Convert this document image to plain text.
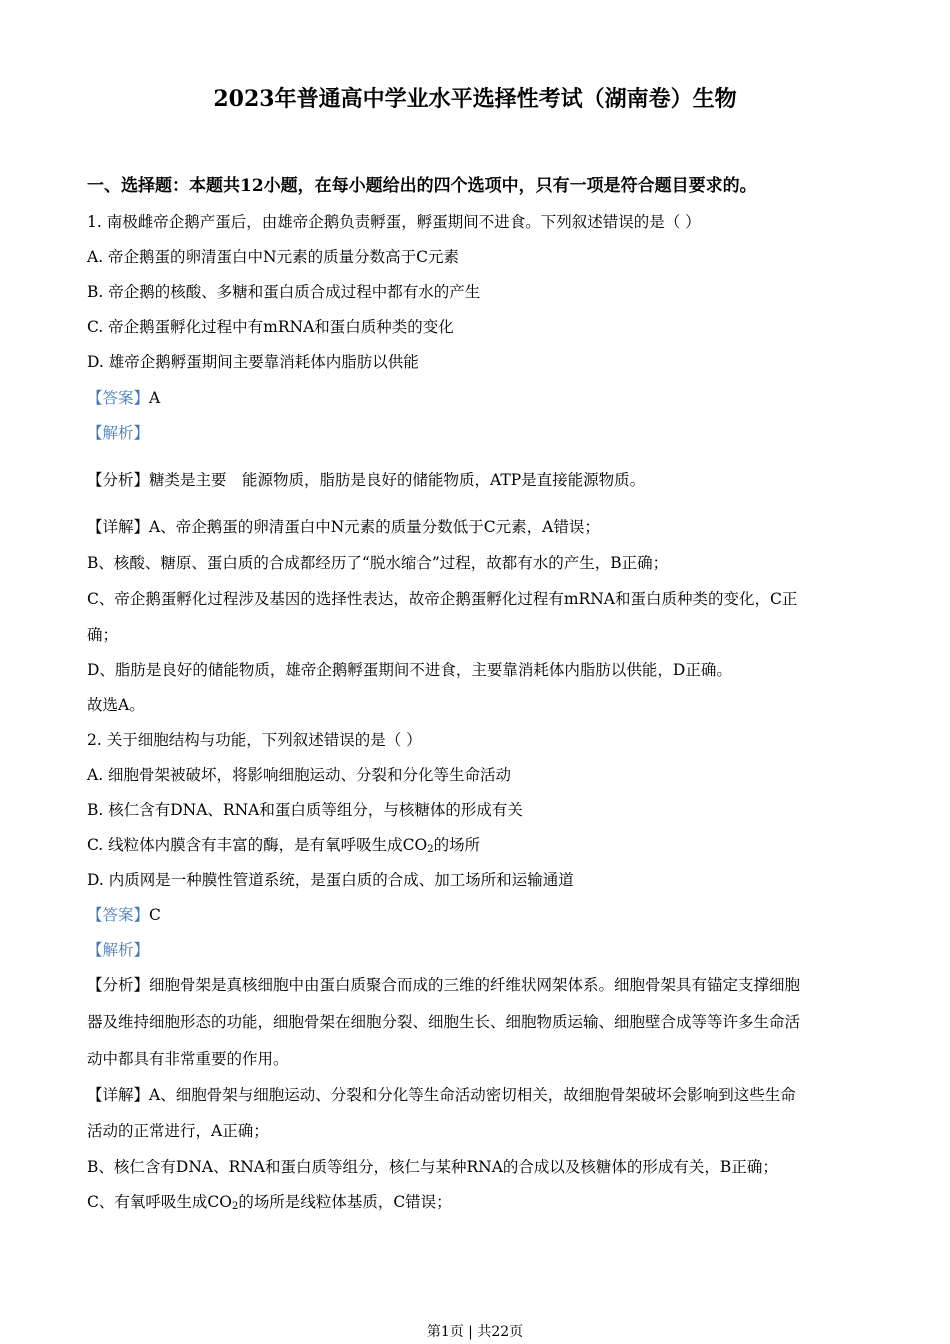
2023年普通高中学业水平选择性考试（湖南卷）生物
一、选择题：本题共12小题，在每小题给出的四个选项中，只有一项是符合题目要求的。
1. 南极雌帝企鹅产蛋后，由雄帝企鹅负责孵蛋，孵蛋期间不进食。下列叙述错误的是（ ）
A. 帝企鹅蛋的卵清蛋白中N元素的质量分数高于C元素
B. 帝企鹅的核酸、多糖和蛋白质合成过程中都有水的产生
C. 帝企鹅蛋孵化过程中有mRNA和蛋白质种类的变化
D. 雄帝企鹅孵蛋期间主要靠消耗体内脂肪以供能
【答案】A
【解析】
【分析】糖类是主要　能源物质，脂肪是良好的储能物质，ATP是直接能源物质。
【详解】A、帝企鹅蛋的卵清蛋白中N元素的质量分数低于C元素，A错误；
B、核酸、糖原、蛋白质的合成都经历了“脱水缩合”过程，故都有水的产生，B正确；
C、帝企鹅蛋孵化过程涉及基因的选择性表达，故帝企鹅蛋孵化过程有mRNA和蛋白质种类的变化，C正
确；
D、脂肪是良好的储能物质，雄帝企鹅孵蛋期间不进食，主要靠消耗体内脂肪以供能，D正确。
故选A。
2. 关于细胞结构与功能，下列叙述错误的是（ ）
A. 细胞骨架被破坏，将影响细胞运动、分裂和分化等生命活动
B. 核仁含有DNA、RNA和蛋白质等组分，与核糖体的形成有关
C. 线粒体内膜含有丰富的酶，是有氧呼吸生成$CO_2$的场所
D. 内质网是一种膜性管道系统，是蛋白质的合成、加工场所和运输通道
【答案】C
【解析】
【分析】细胞骨架是真核细胞中由蛋白质聚合而成的三维的纤维状网架体系。细胞骨架具有锚定支撑细胞
器及维持细胞形态的功能，细胞骨架在细胞分裂、细胞生长、细胞物质运输、细胞壁合成等等许多生命活
动中都具有非常重要的作用。
【详解】A、细胞骨架与细胞运动、分裂和分化等生命活动密切相关，故细胞骨架破坏会影响到这些生命
活动的正常进行，A正确；
B、核仁含有DNA、RNA和蛋白质等组分，核仁与某种RNA的合成以及核糖体的形成有关，B正确；
C、有氧呼吸生成$CO_2$的场所是线粒体基质，C错误；
第1页 | 共22页
